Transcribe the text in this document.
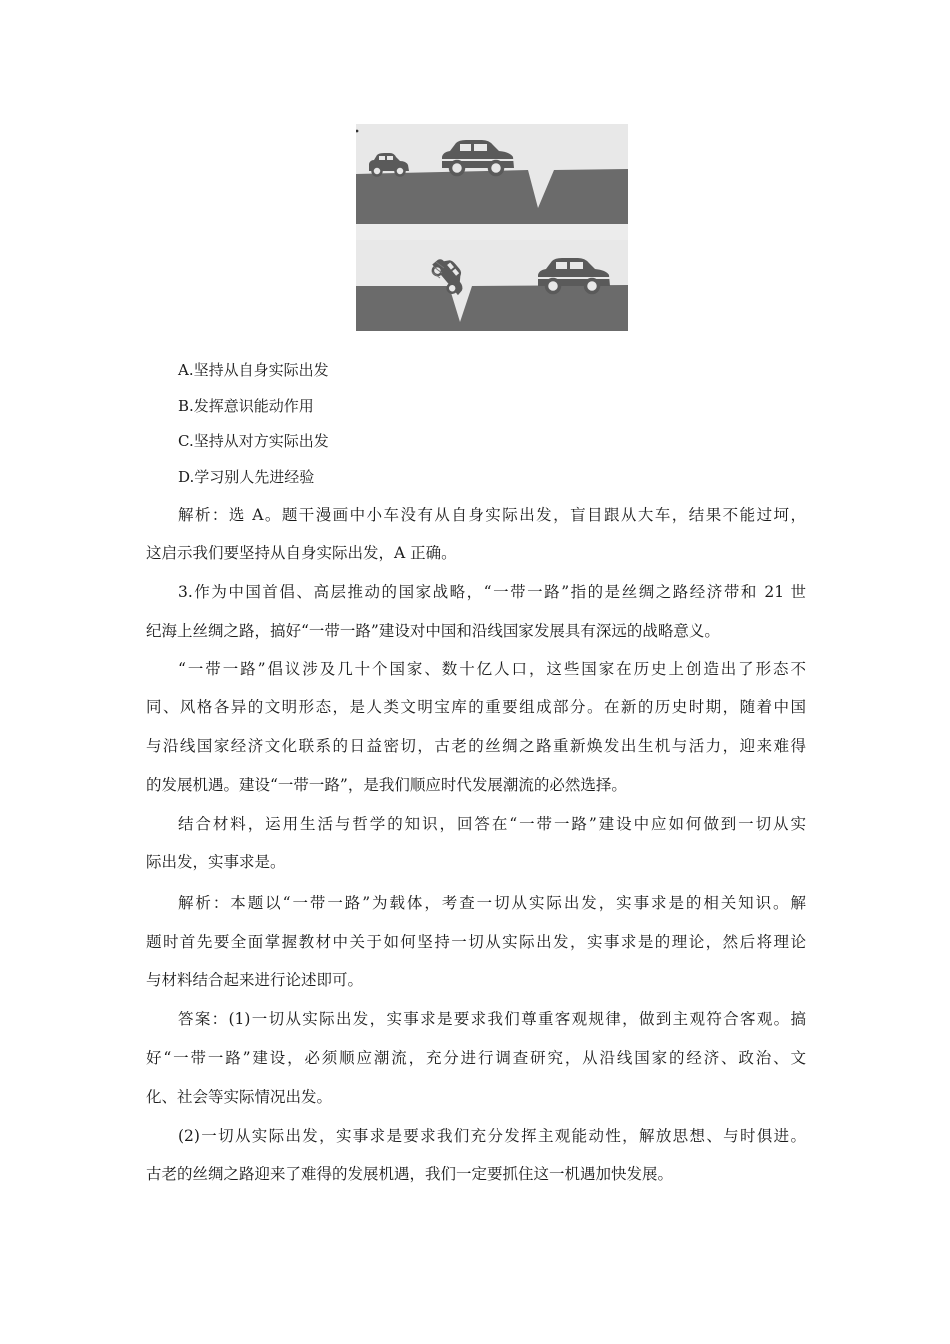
A.坚持从自身实际出发
B.发挥意识能动作用
C.坚持从对方实际出发
D.学习别人先进经验
解析：选 A。题干漫画中小车没有从自身实际出发，盲目跟从大车，结果不能过坷，
这启示我们要坚持从自身实际出发，A 正确。
3.作为中国首倡、高层推动的国家战略，“一带一路”指的是丝绸之路经济带和 21 世
纪海上丝绸之路，搞好“一带一路”建设对中国和沿线国家发展具有深远的战略意义。
“一带一路”倡议涉及几十个国家、数十亿人口，这些国家在历史上创造出了形态不
同、风格各异的文明形态，是人类文明宝库的重要组成部分。在新的历史时期，随着中国
与沿线国家经济文化联系的日益密切，古老的丝绸之路重新焕发出生机与活力，迎来难得
的发展机遇。建设“一带一路”，是我们顺应时代发展潮流的必然选择。
结合材料，运用生活与哲学的知识，回答在“一带一路”建设中应如何做到一切从实
际出发，实事求是。
解析：本题以“一带一路”为载体，考查一切从实际出发，实事求是的相关知识。解
题时首先要全面掌握教材中关于如何坚持一切从实际出发，实事求是的理论，然后将理论
与材料结合起来进行论述即可。
答案：(1)一切从实际出发，实事求是要求我们尊重客观规律，做到主观符合客观。搞
好“一带一路”建设，必须顺应潮流，充分进行调查研究，从沿线国家的经济、政治、文
化、社会等实际情况出发。
(2)一切从实际出发，实事求是要求我们充分发挥主观能动性，解放思想、与时俱进。
古老的丝绸之路迎来了难得的发展机遇，我们一定要抓住这一机遇加快发展。
